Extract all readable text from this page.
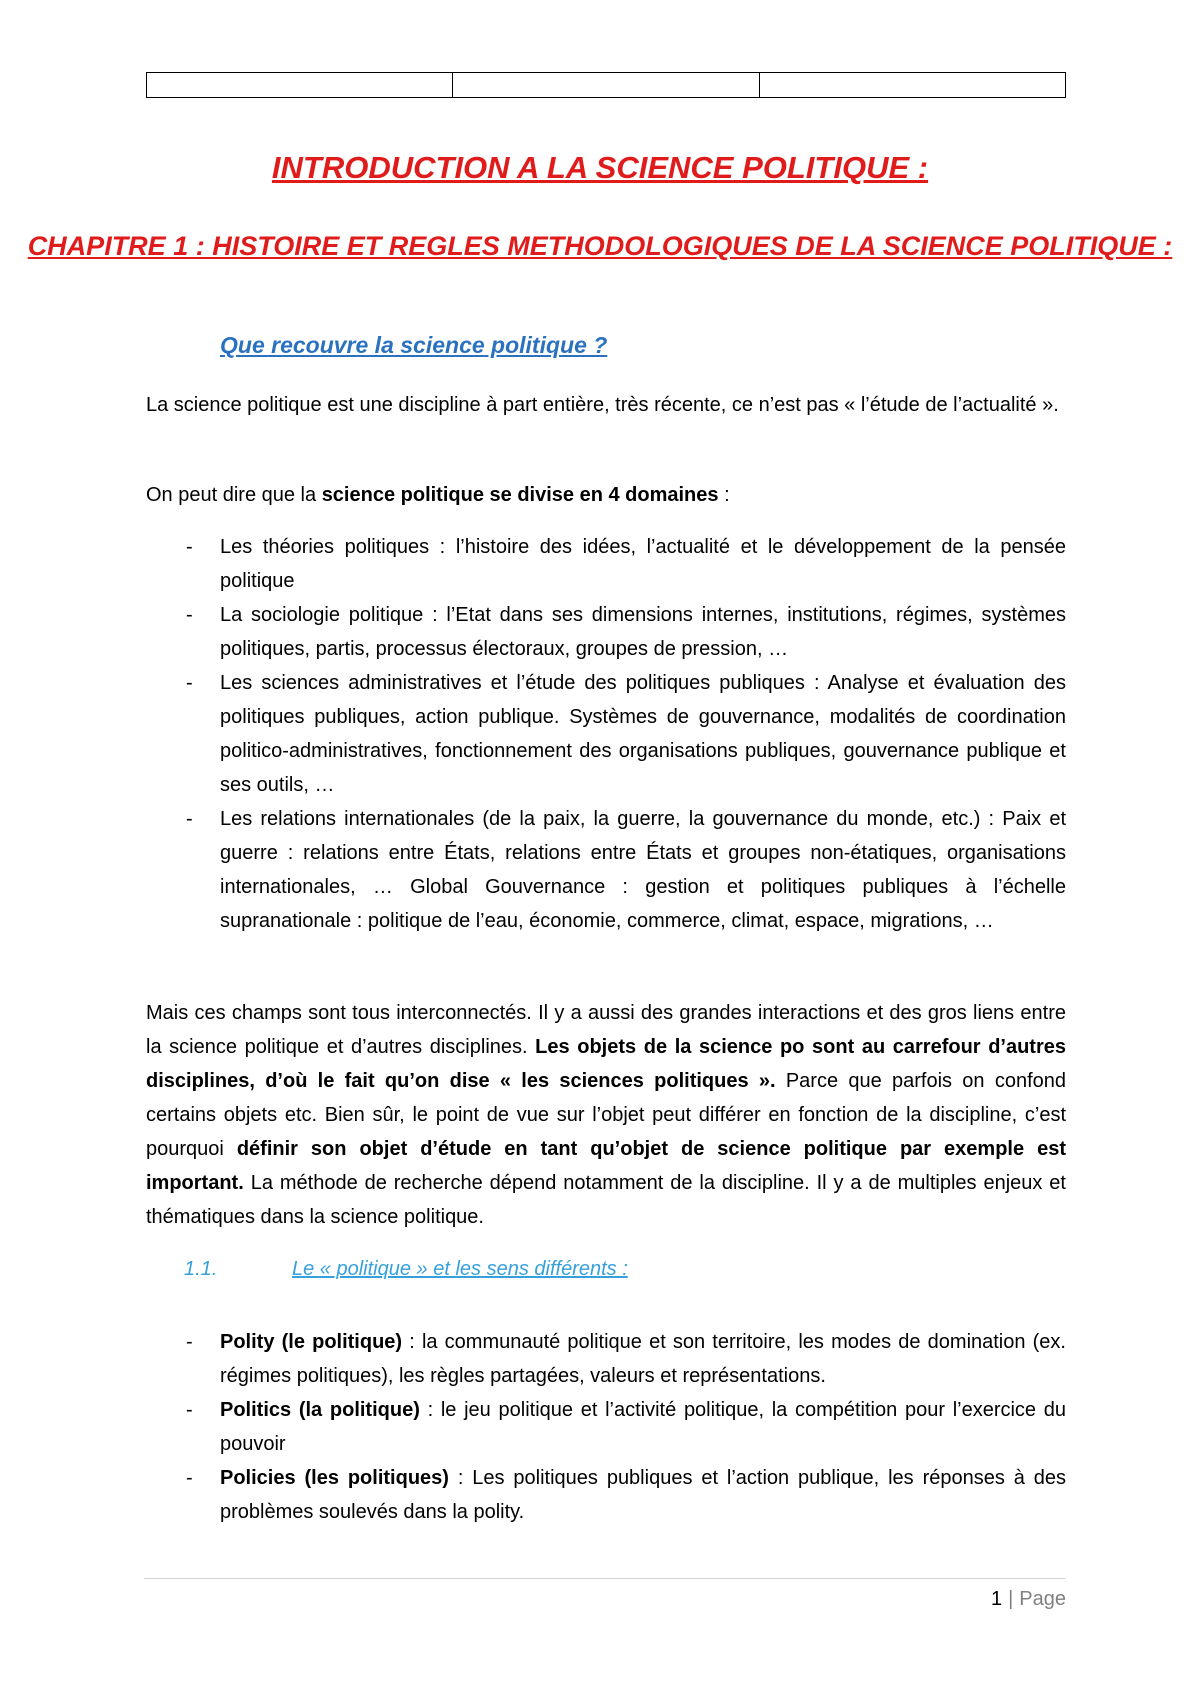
INTRODUCTION A LA SCIENCE POLITIQUE :
CHAPITRE 1 : HISTOIRE ET REGLES METHODOLOGIQUES DE LA SCIENCE POLITIQUE :
Que recouvre la science politique ?

La science politique est une discipline à part entière, très récente, ce n’est pas « l’étude de l’actualité ».

On peut dire que la science politique se divise en 4 domaines :

- Les théories politiques : l’histoire des idées, l’actualité et le développement de la pensée politique
- La sociologie politique : l’Etat dans ses dimensions internes, institutions, régimes, systèmes politiques, partis, processus électoraux, groupes de pression, …
- Les sciences administratives et l’étude des politiques publiques : Analyse et évaluation des politiques publiques, action publique. Systèmes de gouvernance, modalités de coordination politico-administratives, fonctionnement des organisations publiques, gouvernance publique et ses outils, …
- Les relations internationales (de la paix, la guerre, la gouvernance du monde, etc.) : Paix et guerre : relations entre États, relations entre États et groupes non-étatiques, organisations internationales, … Global Gouvernance : gestion et politiques publiques à l’échelle supranationale : politique de l’eau, économie, commerce, climat, espace, migrations, …

Mais ces champs sont tous interconnectés. Il y a aussi des grandes interactions et des gros liens entre la science politique et d’autres disciplines. Les objets de la science po sont au carrefour d’autres disciplines, d’où le fait qu’on dise « les sciences politiques ». Parce que parfois on confond certains objets etc. Bien sûr, le point de vue sur l’objet peut différer en fonction de la discipline, c’est pourquoi définir son objet d’étude en tant qu’objet de science politique par exemple est important. La méthode de recherche dépend notamment de la discipline. Il y a de multiples enjeux et thématiques dans la science politique.

1.1.	Le « politique » et les sens différents :

- Polity (le politique) : la communauté politique et son territoire, les modes de domination (ex. régimes politiques), les règles partagées, valeurs et représentations.
- Politics (la politique) : le jeu politique et l’activité politique, la compétition pour l’exercice du pouvoir
- Policies (les politiques) : Les politiques publiques et l’action publique, les réponses à des problèmes soulevés dans la polity.
1 | Page
